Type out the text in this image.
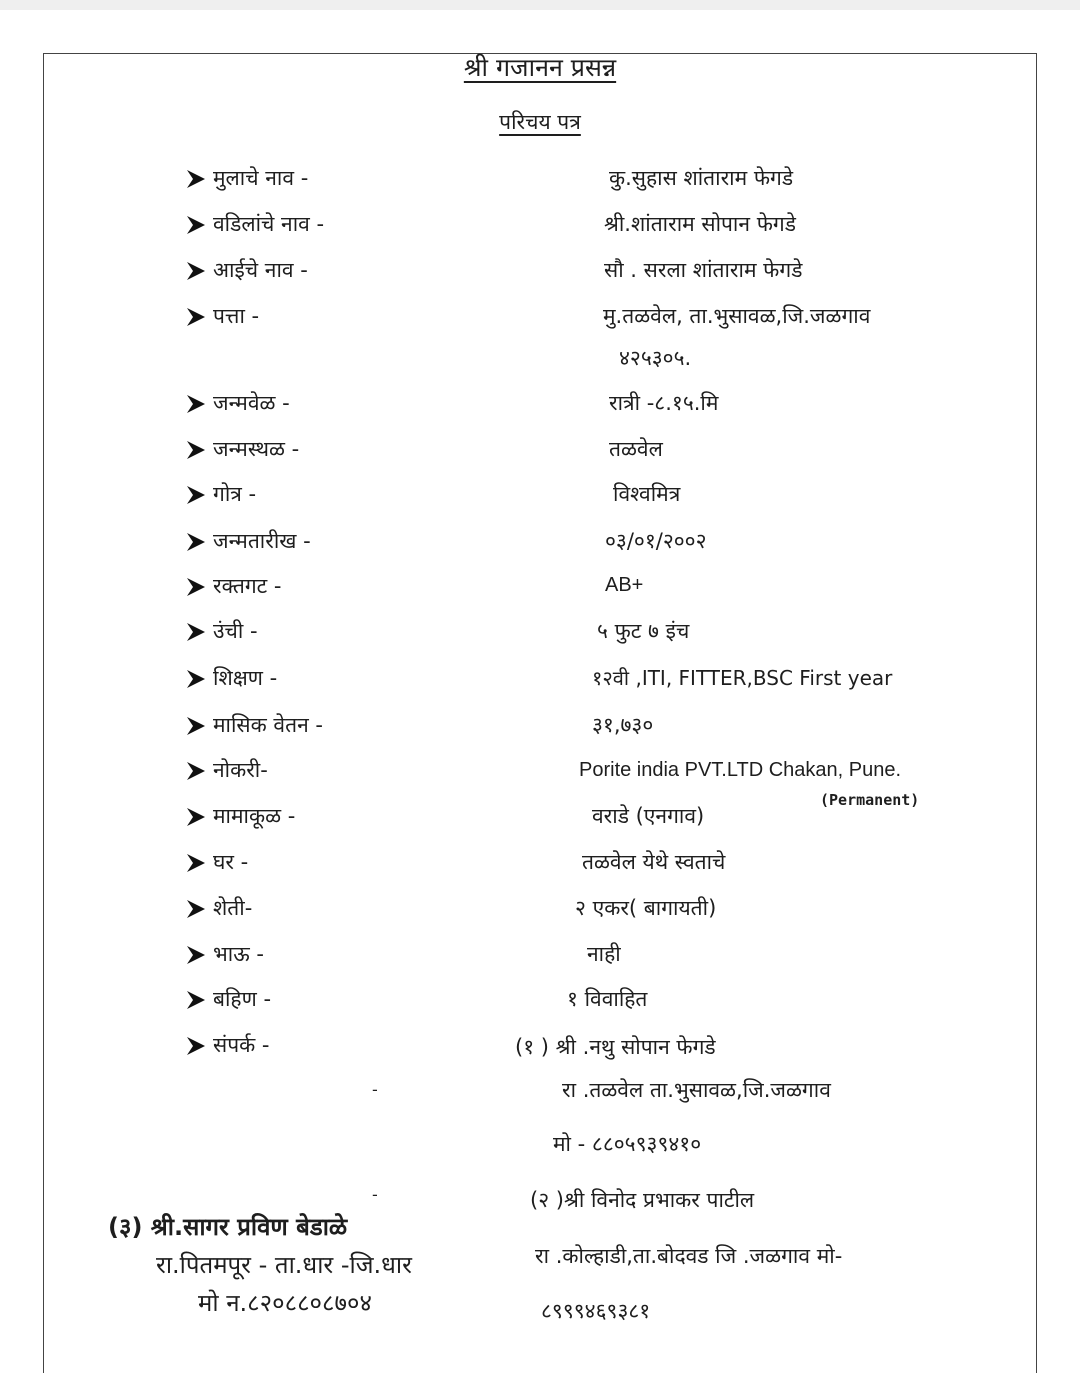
श्री गजानन प्रसन्न
परिचय पत्र
मुलाचे नाव -	कु.सुहास शांताराम फेगडे
वडिलांचे नाव -	श्री.शांताराम सोपान फेगडे
आईचे नाव -	सौ . सरला शांताराम फेगडे
पत्ता -	मु.तळवेल, ता.भुसावळ,जि.जळगाव
४२५३०५.
जन्मवेळ -	रात्री -८.१५.मि
जन्मस्थळ -	तळवेल
गोत्र -	विश्वमित्र
जन्मतारीख -	०३/०१/२००२
रक्तगट -	AB+
उंची -	५ फुट ७ इंच
शिक्षण -	१२वी ,ITI, FITTER,BSC First year
मासिक वेतन -	३१,७३०
नोकरी-	Porite india PVT.LTD Chakan, Pune.
(Permanent)
मामाकूळ -	वराडे (एनगाव)
घर -	तळवेल येथे स्वताचे
शेती-	२ एकर( बागायती)
भाऊ -	नाही
बहिण -	१ विवाहित
संपर्क -	(१ ) श्री .नथु सोपान फेगडे
-	रा .तळवेल ता.भुसावळ,जि.जळगाव
मो - ८८०५९३९४१०
-	(२ )श्री विनोद प्रभाकर पाटील
रा .कोल्हाडी,ता.बोदवड जि .जळगाव मो-
८९९९४६९३८१
(३) श्री.सागर प्रविण बेडाळे
रा.पितमपूर - ता.धार -जि.धार
मो न.८२०८८०८७०४
